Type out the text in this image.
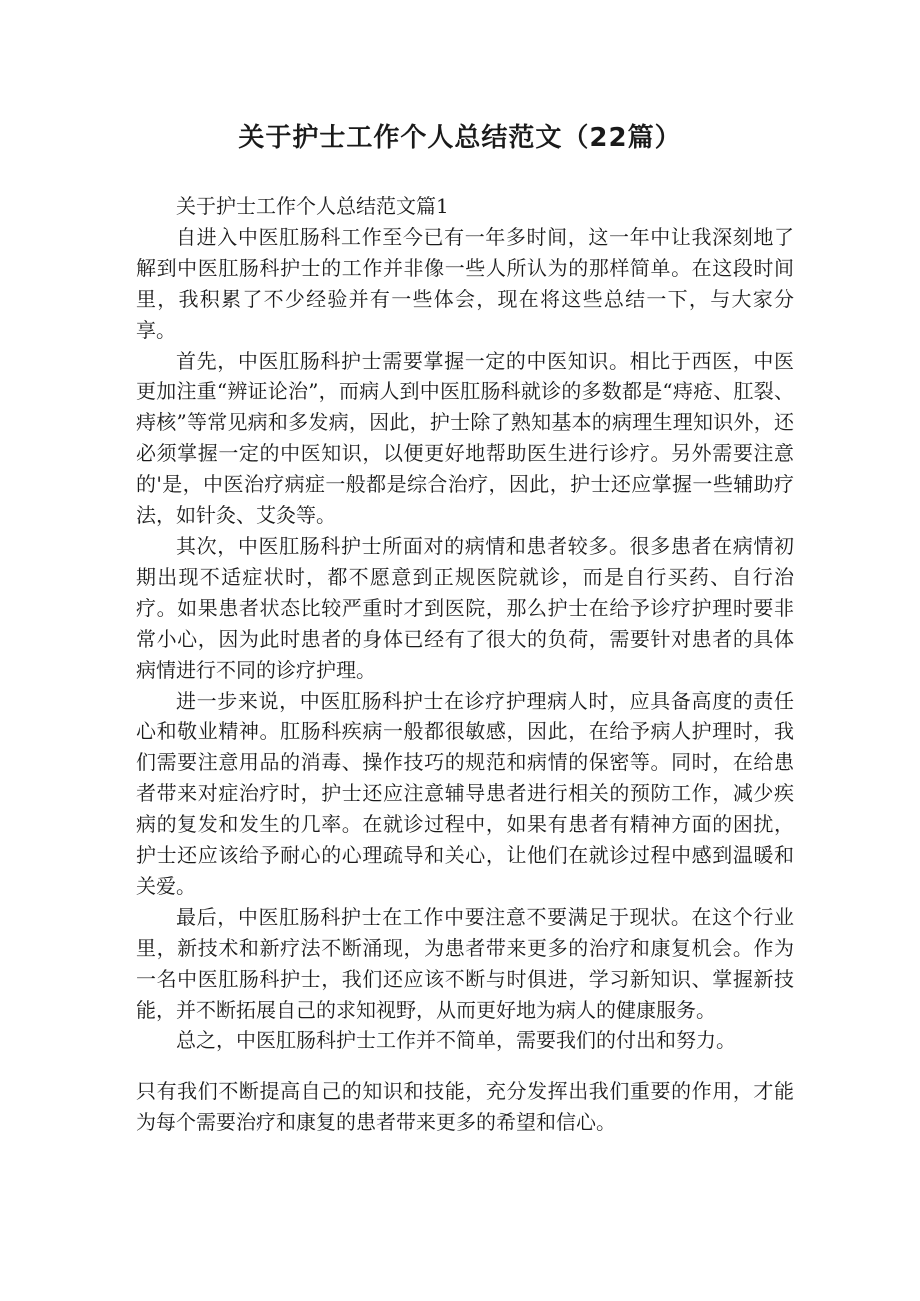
关于护士工作个人总结范文（22篇）

关于护士工作个人总结范文篇1

自进入中医肛肠科工作至今已有一年多时间，这一年中让我深刻地了解到中医肛肠科护士的工作并非像一些人所认为的那样简单。在这段时间里，我积累了不少经验并有一些体会，现在将这些总结一下，与大家分享。

首先，中医肛肠科护士需要掌握一定的中医知识。相比于西医，中医更加注重“辨证论治”，而病人到中医肛肠科就诊的多数都是“痔疮、肛裂、痔核”等常见病和多发病，因此，护士除了熟知基本的病理生理知识外，还必须掌握一定的中医知识，以便更好地帮助医生进行诊疗。另外需要注意的'是，中医治疗病症一般都是综合治疗，因此，护士还应掌握一些辅助疗法，如针灸、艾灸等。

其次，中医肛肠科护士所面对的病情和患者较多。很多患者在病情初期出现不适症状时，都不愿意到正规医院就诊，而是自行买药、自行治疗。如果患者状态比较严重时才到医院，那么护士在给予诊疗护理时要非常小心，因为此时患者的身体已经有了很大的负荷，需要针对患者的具体病情进行不同的诊疗护理。

进一步来说，中医肛肠科护士在诊疗护理病人时，应具备高度的责任心和敬业精神。肛肠科疾病一般都很敏感，因此，在给予病人护理时，我们需要注意用品的消毒、操作技巧的规范和病情的保密等。同时，在给患者带来对症治疗时，护士还应注意辅导患者进行相关的预防工作，减少疾病的复发和发生的几率。在就诊过程中，如果有患者有精神方面的困扰，护士还应该给予耐心的心理疏导和关心，让他们在就诊过程中感到温暖和关爱。

最后，中医肛肠科护士在工作中要注意不要满足于现状。在这个行业里，新技术和新疗法不断涌现，为患者带来更多的治疗和康复机会。作为一名中医肛肠科护士，我们还应该不断与时俱进，学习新知识、掌握新技能，并不断拓展自己的求知视野，从而更好地为病人的健康服务。

总之，中医肛肠科护士工作并不简单，需要我们的付出和努力。

只有我们不断提高自己的知识和技能，充分发挥出我们重要的作用，才能为每个需要治疗和康复的患者带来更多的希望和信心。
